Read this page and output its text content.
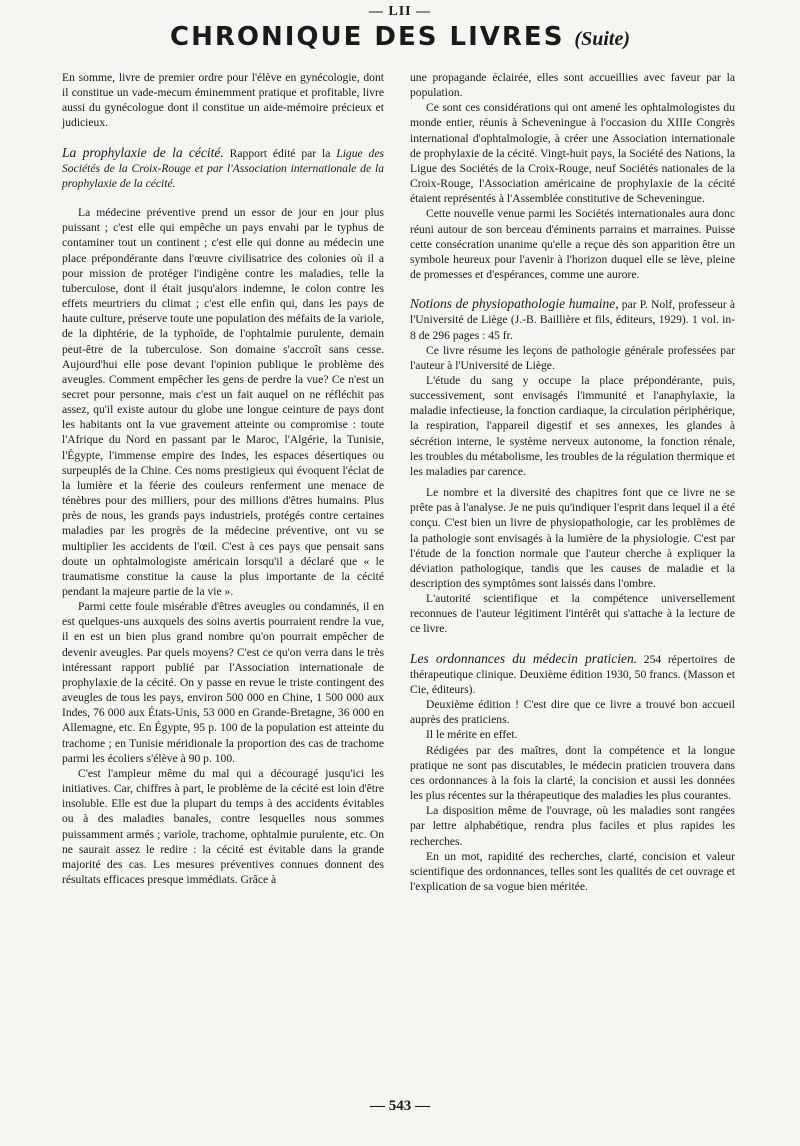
— LII —
CHRONIQUE DES LIVRES (Suite)

En somme, livre de premier ordre pour l'élève en gynécologie, dont il constitue un vade-mecum éminemment pratique et profitable, livre aussi du gynécologue dont il constitue un aide-mémoire précieux et judicieux.

La prophylaxie de la cécité. Rapport édité par la Ligue des Sociétés de la Croix-Rouge et par l'Association internationale de la prophylaxie de la cécité.

La médecine préventive prend un essor de jour en jour plus puissant ; c'est elle qui empêche un pays envahi par le typhus de contaminer tout un continent ; c'est elle qui donne au médecin une place prépondérante dans l'œuvre civilisatrice des colonies où il a pour mission de protéger l'indigène contre les maladies, telle la tuberculose, dont il était jusqu'alors indemne, le colon contre les effets meurtriers du climat ; c'est elle enfin qui, dans les pays de haute culture, préserve toute une population des méfaits de la variole, de la diphtérie, de la typhoïde, de l'ophtalmie purulente, demain peut-être de la tuberculose. Son domaine s'accroît sans cesse. Aujourd'hui elle pose devant l'opinion publique le problème des aveugles. Comment empêcher les gens de perdre la vue? Ce n'est un secret pour personne, mais c'est un fait auquel on ne réfléchit pas assez, qu'il existe autour du globe une longue ceinture de pays dont les habitants ont la vue gravement atteinte ou compromise : toute l'Afrique du Nord en passant par le Maroc, l'Algérie, la Tunisie, l'Égypte, l'immense empire des Indes, les espaces désertiques ou surpeuplés de la Chine. Ces noms prestigieux qui évoquent l'éclat de la lumière et la féerie des couleurs renferment une menace de ténèbres pour des milliers, pour des millions d'êtres humains. Plus près de nous, les grands pays industriels, protégés contre certaines maladies par les progrès de la médecine préventive, ont vu se multiplier les accidents de l'œil. C'est à ces pays que pensait sans doute un ophtalmologiste américain lorsqu'il a déclaré que « le traumatisme constitue la cause la plus importante de la cécité pendant la majeure partie de la vie ».

Parmi cette foule misérable d'êtres aveugles ou condamnés, il en est quelques-uns auxquels des soins avertis pourraient rendre la vue, il en est un bien plus grand nombre qu'on pourrait empêcher de devenir aveugles. Par quels moyens? C'est ce qu'on verra dans le très intéressant rapport publié par l'Association internationale de prophylaxie de la cécité. On y passe en revue le triste contingent des aveugles de tous les pays, environ 500 000 en Chine, 1 500 000 aux Indes, 76 000 aux États-Unis, 53 000 en Grande-Bretagne, 36 000 en Allemagne, etc. En Égypte, 95 p. 100 de la population est atteinte du trachome ; en Tunisie méridionale la proportion des cas de trachome parmi les écoliers s'élève à 90 p. 100.

C'est l'ampleur même du mal qui a découragé jusqu'ici les initiatives. Car, chiffres à part, le problème de la cécité est loin d'être insoluble. Elle est due la plupart du temps à des accidents évitables ou à des maladies banales, contre lesquelles nous sommes puissamment armés ; variole, trachome, ophtalmie purulente, etc. On ne saurait assez le redire : la cécité est évitable dans la grande majorité des cas. Les mesures préventives connues donnent des résultats efficaces presque immédiats. Grâce à

une propagande éclairée, elles sont accueillies avec faveur par la population.

Ce sont ces considérations qui ont amené les ophtalmologistes du monde entier, réunis à Scheveningue à l'occasion du XIIIe Congrès international d'ophtalmologie, à créer une Association internationale de prophylaxie de la cécité. Vingt-huit pays, la Société des Nations, la Ligue des Sociétés de la Croix-Rouge, neuf Sociétés nationales de la Croix-Rouge, l'Association américaine de prophylaxie de la cécité étaient représentés à l'Assemblée constitutive de Scheveningue.

Cette nouvelle venue parmi les Sociétés internationales aura donc réuni autour de son berceau d'éminents parrains et marraines. Puisse cette consécration unanime qu'elle a reçue dès son apparition être un symbole heureux pour l'avenir à l'horizon duquel elle se lève, pleine de promesses et d'espérances, comme une aurore.

Notions de physiopathologie humaine, par P. Nolf, professeur à l'Université de Liège (J.-B. Baillière et fils, éditeurs, 1929). 1 vol. in-8 de 296 pages : 45 fr.

Ce livre résume les leçons de pathologie générale professées par l'auteur à l'Université de Liège.

L'étude du sang y occupe la place prépondérante, puis, successivement, sont envisagés l'immunité et l'anaphylaxie, la maladie infectieuse, la fonction cardiaque, la circulation périphérique, la respiration, l'appareil digestif et ses annexes, les glandes à sécrétion interne, le système nerveux autonome, la fonction rénale, les troubles du métabolisme, les troubles de la régulation thermique et les maladies par carence.

Le nombre et la diversité des chapitres font que ce livre ne se prête pas à l'analyse. Je ne puis qu'indiquer l'esprit dans lequel il a été conçu. C'est bien un livre de physiopathologie, car les problèmes de la pathologie sont envisagés à la lumière de la physiologie. C'est par l'étude de la fonction normale que l'auteur cherche à expliquer la déviation pathologique, tandis que les causes de maladie et la description des symptômes sont laissés dans l'ombre.

L'autorité scientifique et la compétence universellement reconnues de l'auteur légitiment l'intérêt qui s'attache à la lecture de ce livre.

Les ordonnances du médecin praticien. 254 répertoires de thérapeutique clinique. Deuxième édition 1930, 50 francs. (Masson et Cie, éditeurs).

Deuxième édition ! C'est dire que ce livre a trouvé bon accueil auprès des praticiens.

Il le mérite en effet.

Rédigées par des maîtres, dont la compétence et la longue pratique ne sont pas discutables, le médecin praticien trouvera dans ces ordonnances à la fois la clarté, la concision et aussi les données les plus récentes sur la thérapeutique des maladies les plus courantes.

La disposition même de l'ouvrage, où les maladies sont rangées par lettre alphabétique, rendra plus faciles et plus rapides les recherches.

En un mot, rapidité des recherches, clarté, concision et valeur scientifique des ordonnances, telles sont les qualités de cet ouvrage et l'explication de sa vogue bien méritée.

— 543 —
